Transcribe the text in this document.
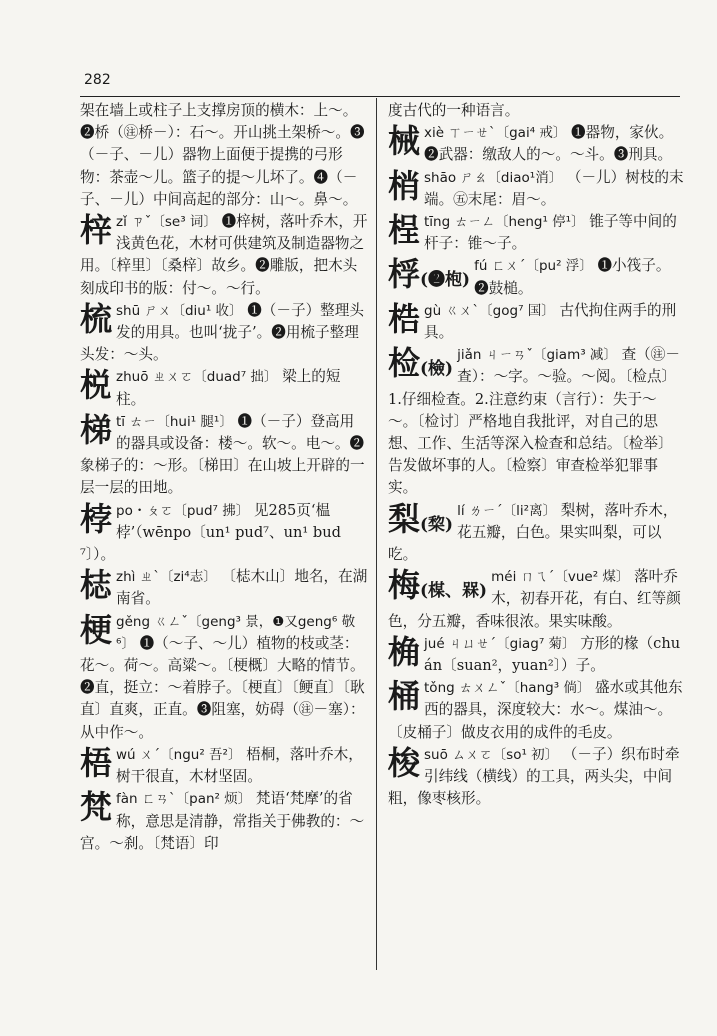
282
架在墙上或柱子上支撑房顶的横木：上～。❷桥（㊟桥－）：石～。开山挑土架桥～。❸（－子、－儿）器物上面便于提携的弓形物：茶壶～儿。篮子的提～儿坏了。❹（－子、－儿）中间高起的部分：山～。鼻～。
梓 zǐ ㄗˇ〔se³ 词〕 ❶梓树，落叶乔木，开浅黄色花，木材可供建筑及制造器物之用。〔梓里〕〔桑梓〕故乡。❷雕版，把木头刻成印书的版：付～。～行。
梳 shū ㄕㄨ〔diu¹ 收〕 ❶（－子）整理头发的用具。也叫‘拢子’。❷用梳子整理头发：～头。
棁 zhuō ㄓㄨㄛ〔duad⁷ 拙〕 梁上的短柱。
梯 tī ㄊㄧ〔hui¹ 腿¹〕 ❶（－子）登高用的器具或设备：楼～。软～。电～。❷象梯子的：～形。〔梯田〕在山坡上开辟的一层一层的田地。
桲 po・ㄆㄛ〔pud⁷ 拂〕 见285页‘榅桲’（wēnpo〔un¹ pud⁷、un¹ bud⁷〕）。
梽 zhì ㄓˋ〔zi⁴志〕 〔梽木山〕地名，在湖南省。
梗 gěng ㄍㄥˇ〔geng³ 景，❶又geng⁶ 敬⁶〕 ❶（～子、～儿）植物的枝或茎：花～。荷～。高粱～。〔梗概〕大略的情节。❷直，挺立：～着脖子。〔梗直〕〔鲠直〕〔耿直〕直爽，正直。❸阻塞，妨碍（㊟－塞）：从中作～。
梧 wú ㄨˊ〔ngu² 吾²〕 梧桐，落叶乔木，树干很直，木材坚固。
梵 fàn ㄈㄢˋ〔pan² 烦〕 梵语‘梵摩’的省称，意思是清静，常指关于佛教的：～宫。～刹。〔梵语〕印
度古代的一种语言。
械 xiè ㄒㄧㄝˋ〔gai⁴ 戒〕 ❶器物，家伙。❷武器：缴敌人的～。～斗。❸刑具。
梢 shāo ㄕㄠ〔diao¹消〕 （－儿）树枝的末端。㊄末尾：眉～。
桯 tīng ㄊㄧㄥ〔heng¹ 停¹〕 锥子等中间的杆子：锥～子。
桴(❷枹)
fú ㄈㄨˊ〔pu² 浮〕 ❶小筏子。❷鼓槌。
梏 gù ㄍㄨˋ〔gog⁷ 国〕 古代拘住两手的刑具。
检(檢)
jiǎn ㄐㄧㄢˇ〔giam³ 减〕 查（㊟－查）：～字。～验。～阅。〔检点〕1.仔细检查。2.注意约束（言行）：失于～～。〔检讨〕严格地自我批评，对自己的思想、工作、生活等深入检查和总结。〔检举〕告发做坏事的人。〔检察〕审查检举犯罪事实。
梨(棃)
lí ㄌㄧˊ〔li²离〕 梨树，落叶乔木，花五瓣，白色。果实叫梨，可以吃。
梅(楳、槑)
méi ㄇㄟˊ〔vue² 煤〕 落叶乔木，初春开花，有白、红等颜色，分五瓣，香味很浓。果实味酸。
桷 jué ㄐㄩㄝˊ〔giag⁷ 菊〕 方形的椽（chuán〔suan²，yuan²〕）子。
桶 tǒng ㄊㄨㄥˇ〔hang³ 倘〕 盛水或其他东西的器具，深度较大：水～。煤油～。〔皮桶子〕做皮衣用的成件的毛皮。
梭 suō ㄙㄨㄛ〔so¹ 初〕 （－子）织布时牵引纬线（横线）的工具，两头尖，中间粗，像枣核形。
